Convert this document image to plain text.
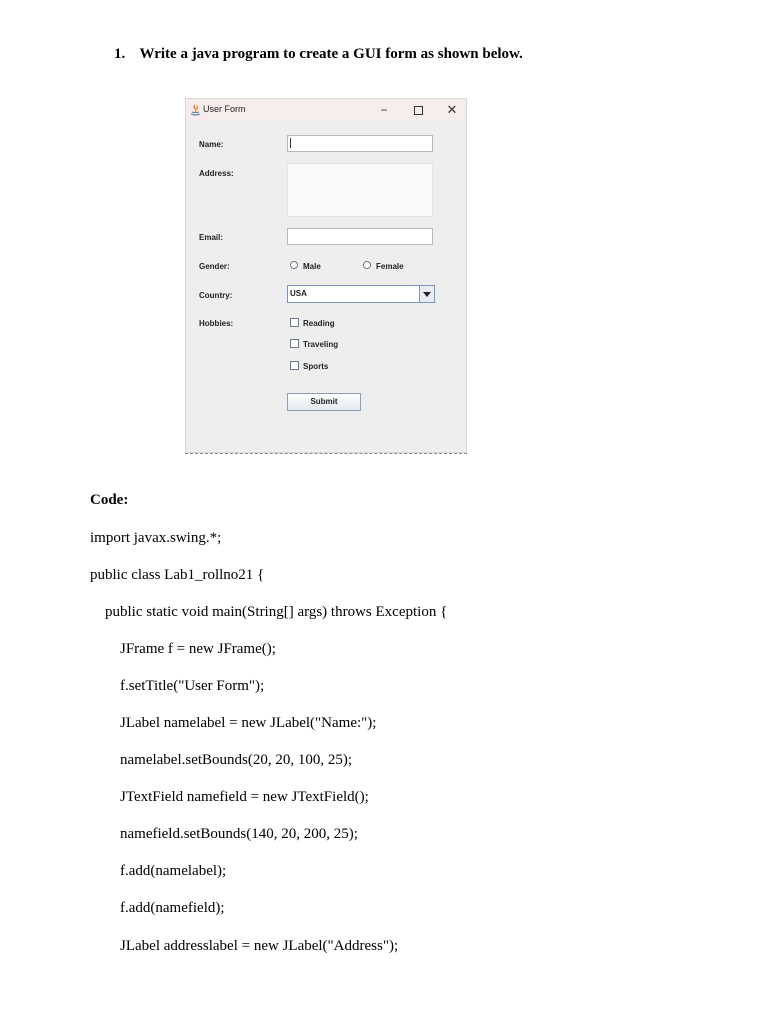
1. Write a java program to create a GUI form as shown below.
User Form	−	✕
Name:
Address:
Email:
Gender:	Male	Female
Country:	USA
Hobbies:	Reading
Traveling
Sports
Submit
Code:
import javax.swing.*;
public class Lab1_rollno21 {
public static void main(String[] args) throws Exception {
JFrame f = new JFrame();
f.setTitle("User Form");
JLabel namelabel = new JLabel("Name:");
namelabel.setBounds(20, 20, 100, 25);
JTextField namefield = new JTextField();
namefield.setBounds(140, 20, 200, 25);
f.add(namelabel);
f.add(namefield);
JLabel addresslabel = new JLabel("Address");
